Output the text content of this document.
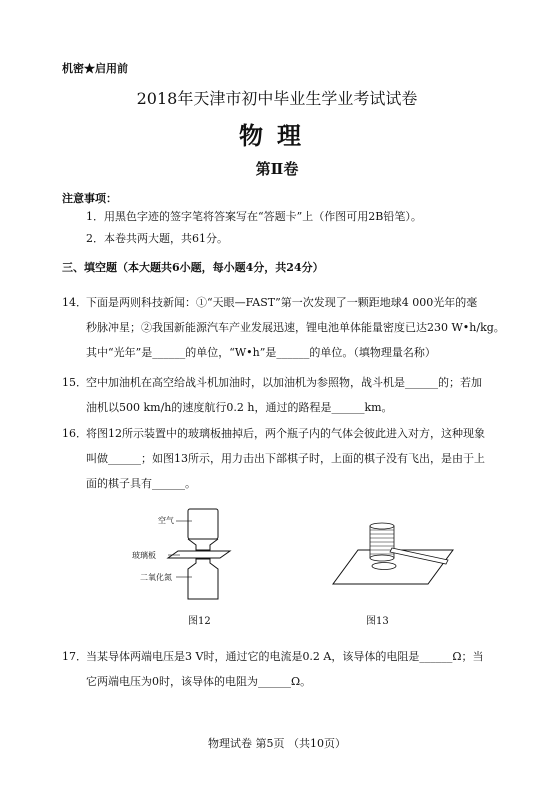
机密★启用前
2018年天津市初中毕业生学业考试试卷
物理
第Ⅱ卷
注意事项：
1．用黑色字迹的签字笔将答案写在“答题卡”上（作图可用2B铅笔）。
2．本卷共两大题，共61分。
三、填空题（本大题共6小题，每小题4分，共24分）
14． 下面是两则科技新闻：①“天眼—FAST”第一次发现了一颗距地球4 000光年的毫
秒脉冲星；②我国新能源汽车产业发展迅速，锂电池单体能量密度已达230 W•h/kg。
其中“光年”是______的单位，“W•h”是______的单位。（填物理量名称）
15． 空中加油机在高空给战斗机加油时，以加油机为参照物，战斗机是______的；若加
油机以500 km/h的速度航行0.2 h，通过的路程是______km。
16． 将图12所示装置中的玻璃板抽掉后，两个瓶子内的气体会彼此进入对方，这种现象
叫做______；如图13所示，用力击出下部棋子时，上面的棋子没有飞出，是由于上
面的棋子具有______。
空气
玻璃板
二氧化氮
图12	图13
17． 当某导体两端电压是3 V时，通过它的电流是0.2 A，该导体的电阻是______Ω；当
它两端电压为0时，该导体的电阻为______Ω。
物理试卷 第5页 （共10页）
